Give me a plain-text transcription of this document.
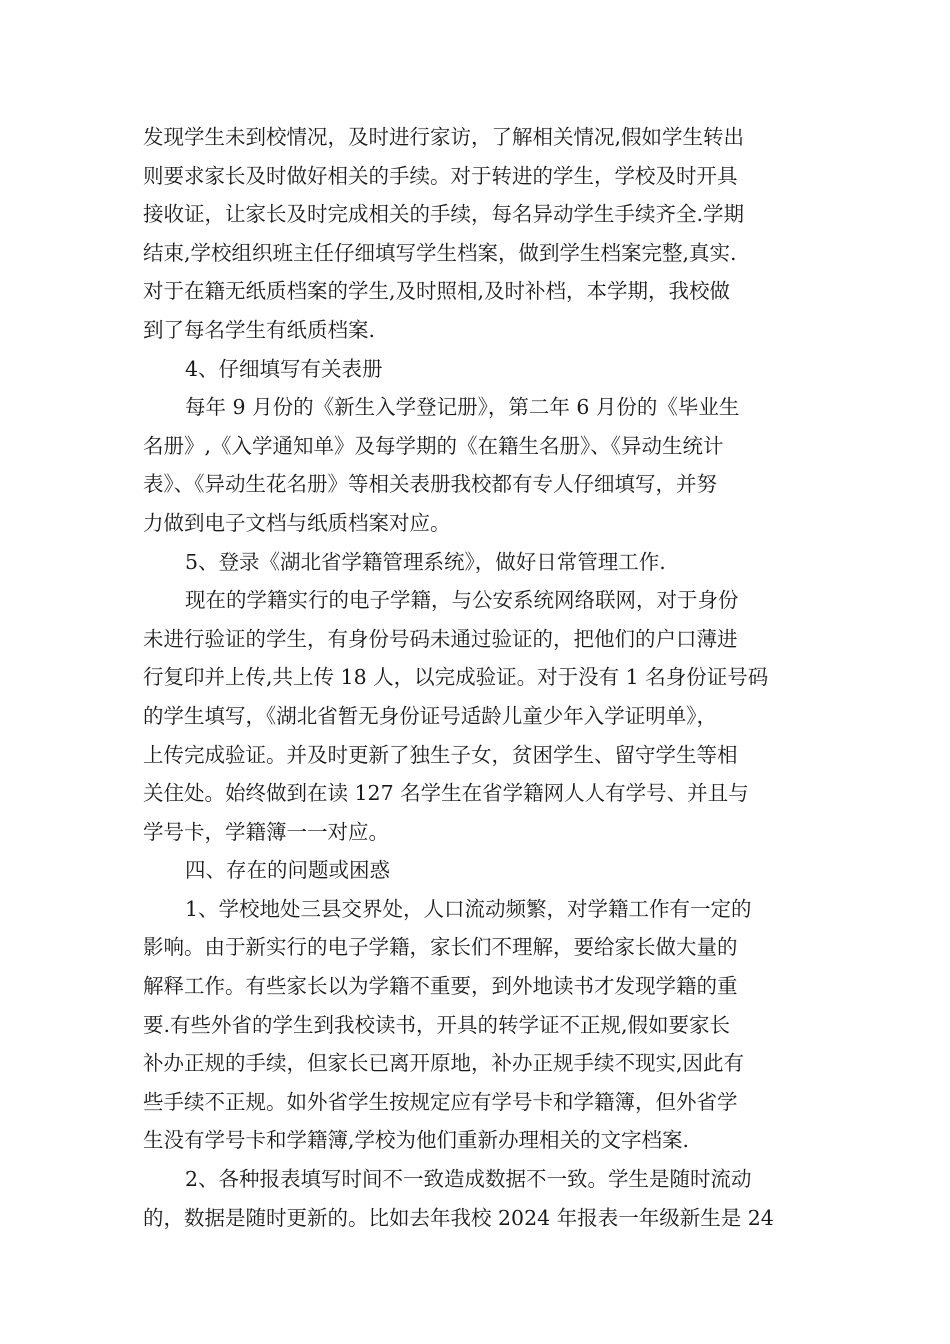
发现学生未到校情况，及时进行家访，了解相关情况,假如学生转出
则要求家长及时做好相关的手续。对于转进的学生，学校及时开具
接收证，让家长及时完成相关的手续，每名异动学生手续齐全.学期
结束,学校组织班主任仔细填写学生档案，做到学生档案完整,真实.
对于在籍无纸质档案的学生,及时照相,及时补档，本学期，我校做
到了每名学生有纸质档案.
4、仔细填写有关表册
每年 9 月份的《新生入学登记册》，第二年 6 月份的《毕业生
名册》,《入学通知单》及每学期的《在籍生名册》、《异动生统计
表》、《异动生花名册》等相关表册我校都有专人仔细填写，并努
力做到电子文档与纸质档案对应。
5、登录《湖北省学籍管理系统》，做好日常管理工作.
现在的学籍实行的电子学籍，与公安系统网络联网，对于身份
未进行验证的学生，有身份号码未通过验证的，把他们的户口薄进
行复印并上传,共上传 18 人，以完成验证。对于没有 1 名身份证号码
的学生填写，《湖北省暂无身份证号适龄儿童少年入学证明单》，
上传完成验证。并及时更新了独生子女，贫困学生、留守学生等相
关住处。始终做到在读 127 名学生在省学籍网人人有学号、并且与
学号卡，学籍簿一一对应。
四、存在的问题或困惑
1、学校地处三县交界处，人口流动频繁，对学籍工作有一定的
影响。由于新实行的电子学籍，家长们不理解，要给家长做大量的
解释工作。有些家长以为学籍不重要，到外地读书才发现学籍的重
要.有些外省的学生到我校读书，开具的转学证不正规,假如要家长
补办正规的手续，但家长已离开原地，补办正规手续不现实,因此有
些手续不正规。如外省学生按规定应有学号卡和学籍簿，但外省学
生没有学号卡和学籍簿,学校为他们重新办理相关的文字档案.
2、各种报表填写时间不一致造成数据不一致。学生是随时流动
的，数据是随时更新的。比如去年我校 2024 年报表一年级新生是 24
